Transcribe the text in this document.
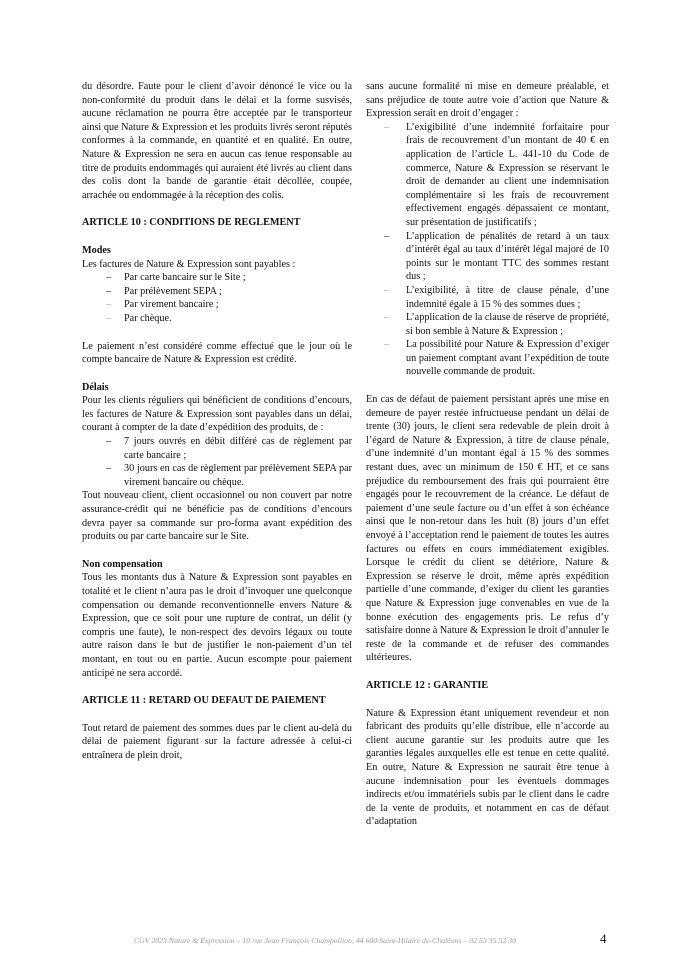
du désordre. Faute pour le client d’avoir dénoncé le vice ou la non-conformité du produit dans le délai et la forme susvisés, aucune réclamation ne pourra être acceptée par le transporteur ainsi que Nature & Expression et les produits livrés seront réputés conformes à la commande, en quantité et en qualité. En outre, Nature & Expression ne sera en aucun cas tenue responsable au titre de produits endommagés qui auraient été livrés au client dans des colis dont la bande de garantie était décollée, coupée, arrachée ou endommagée à la réception des colis.

ARTICLE 10 : CONDITIONS DE REGLEMENT

Modes

Les factures de Nature & Expression sont payables :

– Par carte bancaire sur le Site ;
– Par prélèvement SEPA ;
– Par virement bancaire ;
– Par chèque.

Le paiement n’est considéré comme effectué que le jour où le compte bancaire de Nature & Expression est crédité.

Délais

Pour les clients réguliers qui bénéficient de conditions d’encours, les factures de Nature & Expression sont payables dans un délai, courant à compter de la date d’expédition des produits, de :

– 7 jours ouvrés en débit différé cas de règlement par carte bancaire ;
– 30 jours en cas de règlement par prélèvement SEPA par virement bancaire ou chèque.

Tout nouveau client, client occasionnel ou non couvert par notre assurance-crédit qui ne bénéficie pas de conditions d’encours devra payer sa commande sur pro-forma avant expédition des produits ou par carte bancaire sur le Site.

Non compensation

Tous les montants dus à Nature & Expression sont payables en totalité et le client n’aura pas le droit d’invoquer une quelconque compensation ou demande reconventionnelle envers Nature & Expression, que ce soit pour une rupture de contrat, un délit (y compris une faute), le non-respect des devoirs légaux ou toute autre raison dans le but de justifier le non-paiement d’un tel montant, en tout ou en partie. Aucun escompte pour paiement anticipé ne sera accordé.

ARTICLE 11 : RETARD OU DEFAUT DE PAIEMENT

Tout retard de paiement des sommes dues par le client au-delà du délai de paiement figurant sur la facture adressée à celui-ci entraînera de plein droit,

sans aucune formalité ni mise en demeure préalable, et sans préjudice de toute autre voie d’action que Nature & Expression serait en droit d’engager :

– L’exigibilité d’une indemnité forfaitaire pour frais de recouvrement d’un montant de 40 € en application de l’article L. 441-10 du Code de commerce, Nature & Expression se réservant le droit de demander au client une indemnisation complémentaire si les frais de recouvrement effectivement engagés dépassaient ce montant, sur présentation de justificatifs ;
– L’application de pénalités de retard à un taux d’intérêt égal au taux d’intérêt légal majoré de 10 points sur le montant TTC des sommes restant dus ;
– L’exigibilité, à titre de clause pénale, d’une indemnité égale à 15 % des sommes dues ;
– L’application de la clause de réserve de propriété, si bon semble à Nature & Expression ;
– La possibilité pour Nature & Expression d’exiger un paiement comptant avant l’expédition de toute nouvelle commande de produit.

En cas de défaut de paiement persistant après une mise en demeure de payer restée infructueuse pendant un délai de trente (30) jours, le client sera redevable de plein droit à l’égard de Nature & Expression, à titre de clause pénale, d’une indemnité d’un montant égal à 15 % des sommes restant dues, avec un minimum de 150 € HT, et ce sans préjudice du remboursement des frais qui pourraient être engagés pour le recouvrement de la créance. Le défaut de paiement d’une seule facture ou d’un effet à son échéance ainsi que le non-retour dans les huit (8) jours d’un effet envoyé à l’acceptation rend le paiement de toutes les autres factures ou effets en cours immédiatement exigibles. Lorsque le crédit du client se détériore, Nature & Expression se réserve le droit, même après expédition partielle d’une commande, d’exiger du client les garanties que Nature & Expression juge convenables en vue de la bonne exécution des engagements pris. Le refus d’y satisfaire donne à Nature & Expression le droit d’annuler le reste de la commande et de refuser des commandes ultérieures.

ARTICLE 12 : GARANTIE

Nature & Expression étant uniquement revendeur et non fabricant des produits qu’elle distribue, elle n’accorde au client aucune garantie sur les produits autre que les garanties légales auxquelles elle est tenue en cette qualité. En outre, Nature & Expression ne saurait être tenue à aucune indemnisation pour les éventuels dommages indirects et/ou immatériels subis par le client dans le cadre de la vente de produits, et notamment en cas de défaut d’adaptation

CGV 2023 Nature & Expression – 10 rue Jean François Champollion, 44 680 Saint-Hilaire de-Chaléons – 02 53 35 52 30	4
